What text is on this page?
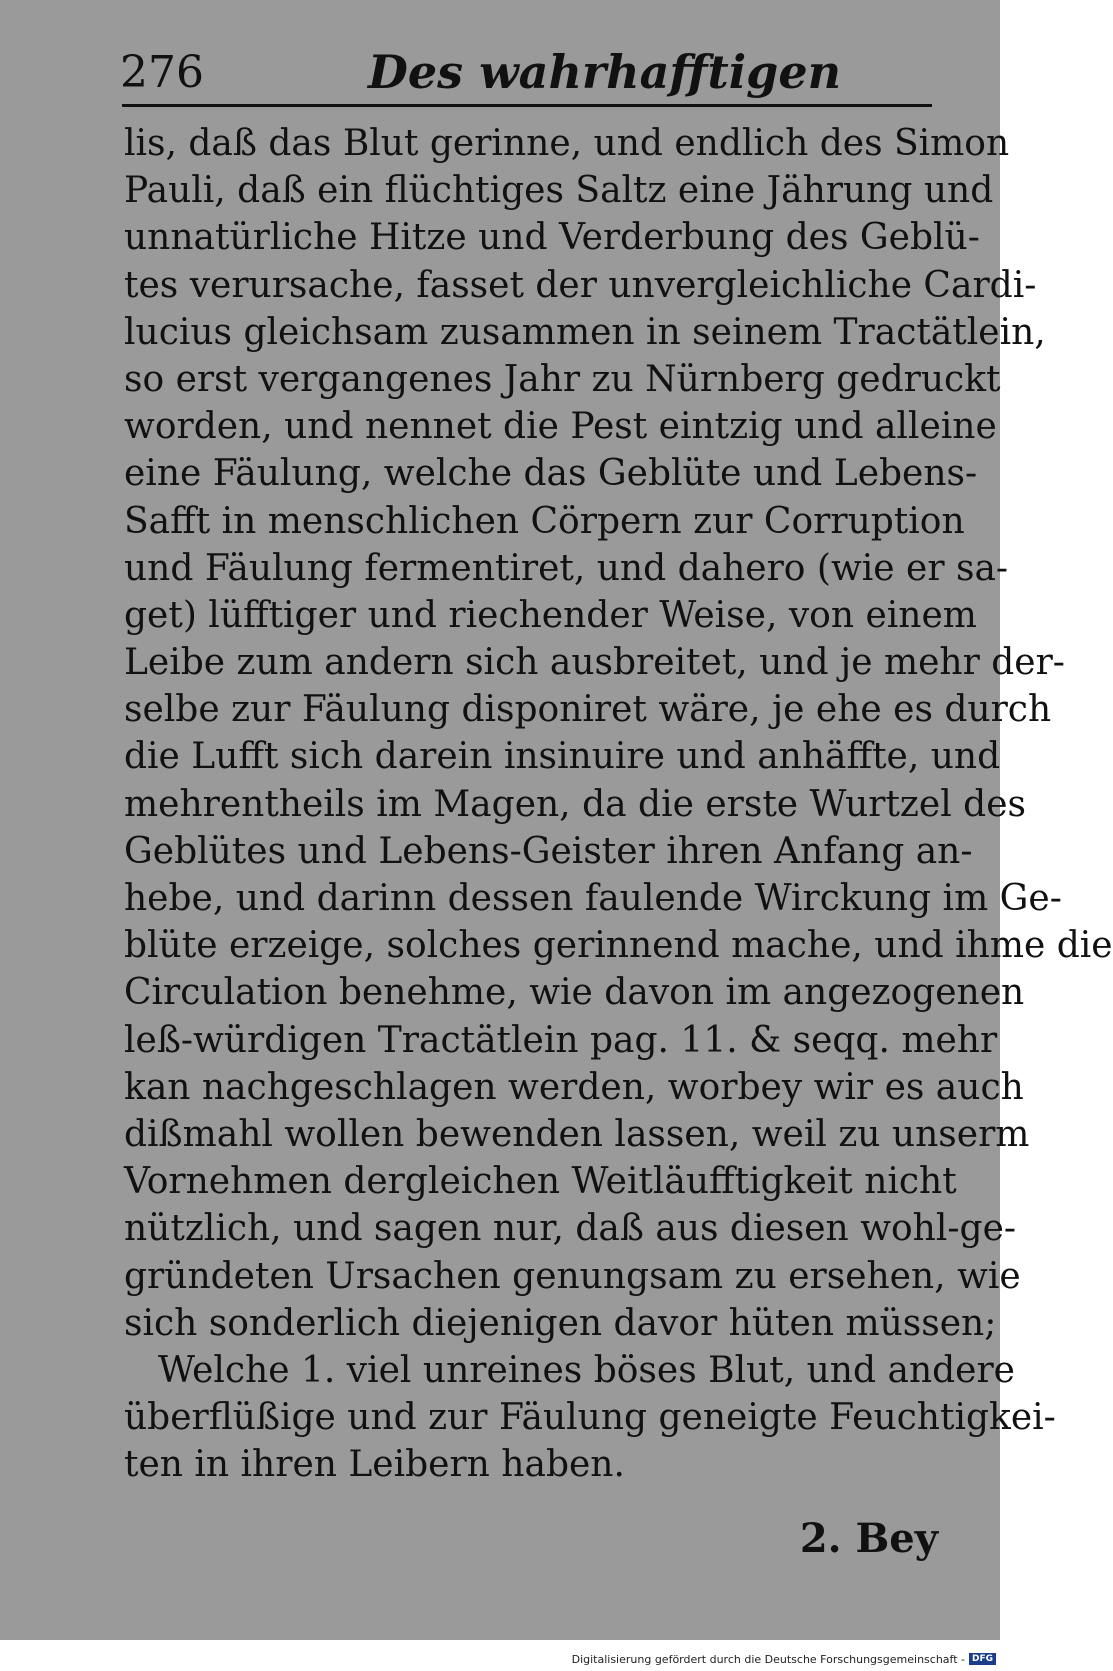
276	Des wahrhafftigen
lis, daß das Blut gerinne, und endlich des Simon
Pauli, daß ein flüchtiges Saltz eine Jährung und
unnatürliche Hitze und Verderbung des Geblü-
tes verursache, fasset der unvergleichliche Cardi-
lucius gleichsam zusammen in seinem Tractätlein,
so erst vergangenes Jahr zu Nürnberg gedruckt
worden, und nennet die Pest eintzig und alleine
eine Fäulung, welche das Geblüte und Lebens-
Safft in menschlichen Cörpern zur Corruption
und Fäulung fermentiret, und dahero (wie er sa-
get) lüfftiger und riechender Weise, von einem
Leibe zum andern sich ausbreitet, und je mehr der-
selbe zur Fäulung disponiret wäre, je ehe es durch
die Lufft sich darein insinuire und anhäffte, und
mehrentheils im Magen, da die erste Wurtzel des
Geblütes und Lebens-Geister ihren Anfang an-
hebe, und darinn dessen faulende Wirckung im Ge-
blüte erzeige, solches gerinnend mache, und ihme die
Circulation benehme, wie davon im angezogenen
leß-würdigen Tractätlein pag. 11. & seqq. mehr
kan nachgeschlagen werden, worbey wir es auch
dißmahl wollen bewenden lassen, weil zu unserm
Vornehmen dergleichen Weitläufftigkeit nicht
nützlich, und sagen nur, daß aus diesen wohl-ge-
gründeten Ursachen genungsam zu ersehen, wie
sich sonderlich diejenigen davor hüten müssen;
Welche 1. viel unreines böses Blut, und andere
überflüßige und zur Fäulung geneigte Feuchtigkei-
ten in ihren Leibern haben.
2. Bey
Digitalisierung gefördert durch die Deutsche Forschungsgemeinschaft - DFG
